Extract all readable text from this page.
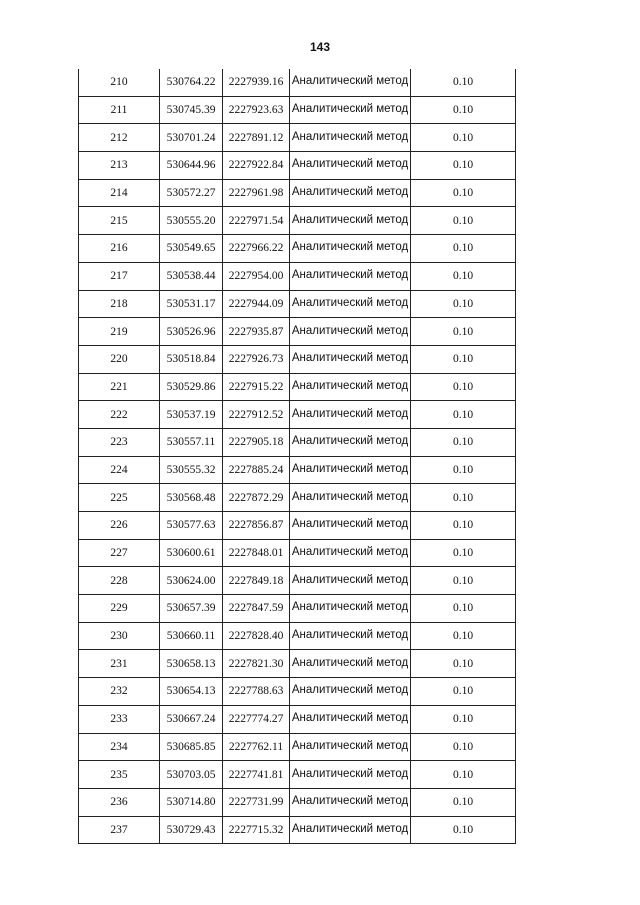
143
210	530764.22	2227939.16	Аналитический метод	0.10
211	530745.39	2227923.63	Аналитический метод	0.10
212	530701.24	2227891.12	Аналитический метод	0.10
213	530644.96	2227922.84	Аналитический метод	0.10
214	530572.27	2227961.98	Аналитический метод	0.10
215	530555.20	2227971.54	Аналитический метод	0.10
216	530549.65	2227966.22	Аналитический метод	0.10
217	530538.44	2227954.00	Аналитический метод	0.10
218	530531.17	2227944.09	Аналитический метод	0.10
219	530526.96	2227935.87	Аналитический метод	0.10
220	530518.84	2227926.73	Аналитический метод	0.10
221	530529.86	2227915.22	Аналитический метод	0.10
222	530537.19	2227912.52	Аналитический метод	0.10
223	530557.11	2227905.18	Аналитический метод	0.10
224	530555.32	2227885.24	Аналитический метод	0.10
225	530568.48	2227872.29	Аналитический метод	0.10
226	530577.63	2227856.87	Аналитический метод	0.10
227	530600.61	2227848.01	Аналитический метод	0.10
228	530624.00	2227849.18	Аналитический метод	0.10
229	530657.39	2227847.59	Аналитический метод	0.10
230	530660.11	2227828.40	Аналитический метод	0.10
231	530658.13	2227821.30	Аналитический метод	0.10
232	530654.13	2227788.63	Аналитический метод	0.10
233	530667.24	2227774.27	Аналитический метод	0.10
234	530685.85	2227762.11	Аналитический метод	0.10
235	530703.05	2227741.81	Аналитический метод	0.10
236	530714.80	2227731.99	Аналитический метод	0.10
237	530729.43	2227715.32	Аналитический метод	0.10
